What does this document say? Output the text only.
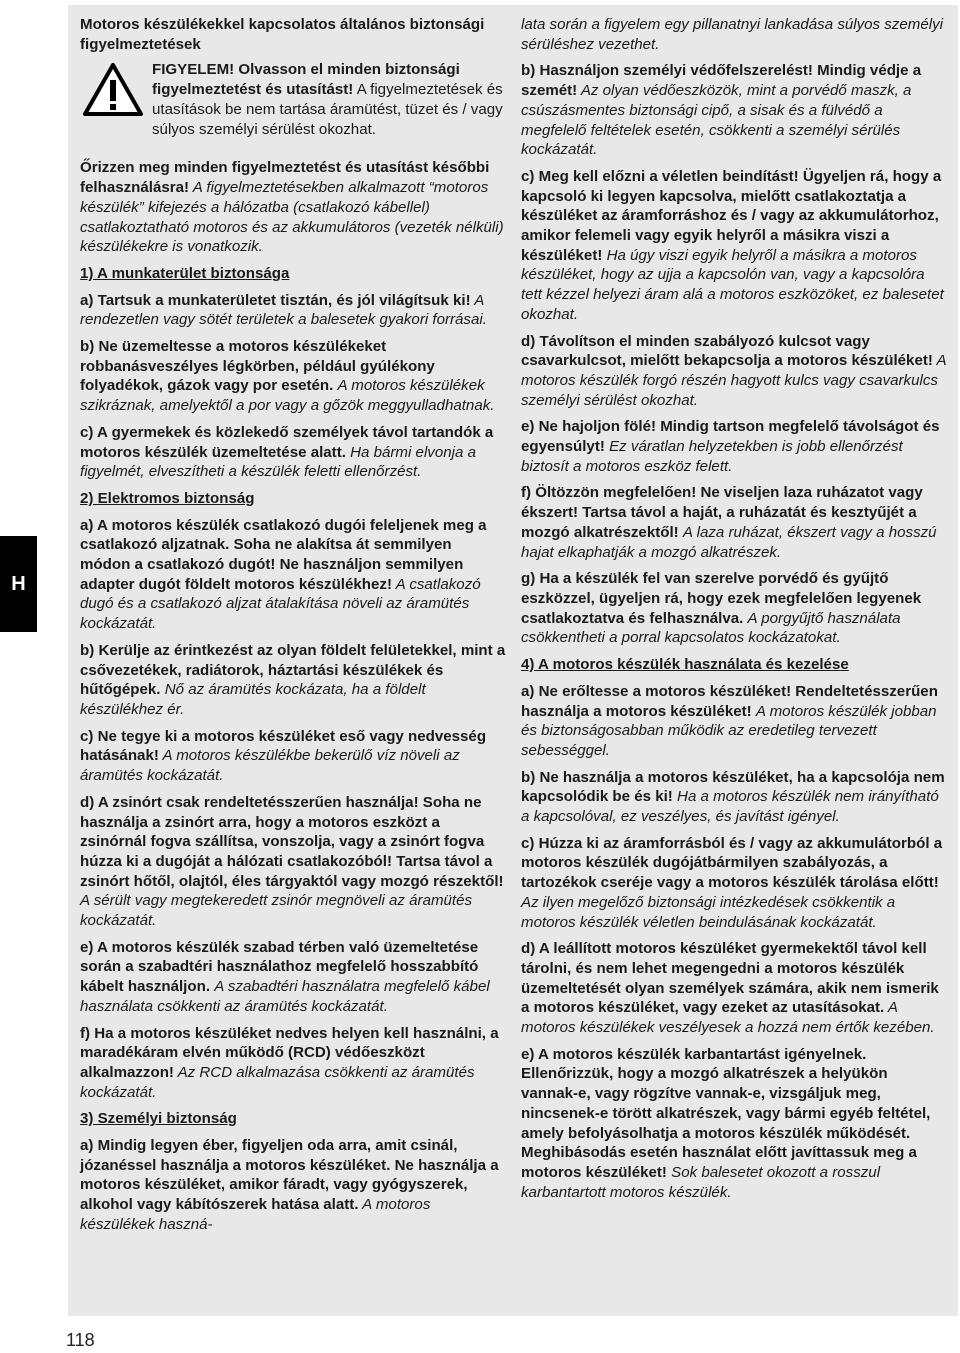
H
118

Motoros készülékekkel kapcsolatos általános biztonsági figyelmeztetések

FIGYELEM! Olvasson el minden biztonsági figyelmeztetést és utasítást! A figyelmeztetések és utasítások be nem tartása áramütést, tüzet és / vagy súlyos személyi sérülést okozhat.

Őrizzen meg minden figyelmeztetést és utasítást későbbi felhasználásra! A figyelmeztetésekben alkalmazott “motoros készülék” kifejezés a hálózatba (csatlakozó kábellel) csatlakoztatható motoros és az akkumulátoros (vezeték nélküli) készülékekre is vonatkozik.

1) A munkaterület biztonsága

a) Tartsuk a munkaterületet tisztán, és jól világítsuk ki! A rendezetlen vagy sötét területek a balesetek gyakori forrásai.

b) Ne üzemeltesse a motoros készülékeket robbanásveszélyes légkörben, például gyúlékony folyadékok, gázok vagy por esetén. A motoros készülékek szikráznak, amelyektől a por vagy a gőzök meggyulladhatnak.

c) A gyermekek és közlekedő személyek távol tartandók a motoros készülék üzemeltetése alatt. Ha bármi elvonja a figyelmét, elveszítheti a készülék feletti ellenőrzést.

2) Elektromos biztonság

a) A motoros készülék csatlakozó dugói feleljenek meg a csatlakozó aljzatnak. Soha ne alakítsa át semmilyen módon a csatlakozó dugót! Ne használjon semmilyen adapter dugót földelt motoros készülékhez! A csatlakozó dugó és a csatlakozó aljzat átalakítása növeli az áramütés kockázatát.

b) Kerülje az érintkezést az olyan földelt felületekkel, mint a csővezetékek, radiátorok, háztartási készülékek és hűtőgépek. Nő az áramütés kockázata, ha a földelt készülékhez ér.

c) Ne tegye ki a motoros készüléket eső vagy nedvesség hatásának! A motoros készülékbe bekerülő víz növeli az áramütés kockázatát.

d) A zsinórt csak rendeltetésszerűen használja! Soha ne használja a zsinórt arra, hogy a motoros eszközt a zsinórnál fogva szállítsa, vonszolja, vagy a zsinórt fogva húzza ki a dugóját a hálózati csatlakozóból! Tartsa távol a zsinórt hőtől, olajtól, éles tárgyaktól vagy mozgó részektől! A sérült vagy megtekeredett zsinór megnöveli az áramütés kockázatát.

e) A motoros készülék szabad térben való üzemeltetése során a szabadtéri használathoz megfelelő hosszabbító kábelt használjon. A szabadtéri használatra megfelelő kábel használata csökkenti az áramütés kockázatát.

f) Ha a motoros készüléket nedves helyen kell használni, a maradékáram elvén működő (RCD) védőeszközt alkalmazzon! Az RCD alkalmazása csökkenti az áramütés kockázatát.

3) Személyi biztonság

a) Mindig legyen éber, figyeljen oda arra, amit csinál, józanéssel használja a motoros készüléket. Ne használja a motoros készüléket, amikor fáradt, vagy gyógyszerek, alkohol vagy kábítószerek hatása alatt. A motoros készülékek haszná-

lata során a figyelem egy pillanatnyi lankadása súlyos személyi sérüléshez vezethet.

b) Használjon személyi védőfelszerelést! Mindig védje a szemét! Az olyan védőeszközök, mint a porvédő maszk, a csúszásmentes biztonsági cipő, a sisak és a fülvédő a megfelelő feltételek esetén, csökkenti a személyi sérülés kockázatát.

c) Meg kell előzni a véletlen beindítást! Ügyeljen rá, hogy a kapcsoló ki legyen kapcsolva, mielőtt csatlakoztatja a készüléket az áramforráshoz és / vagy az akkumulátorhoz, amikor felemeli vagy egyik helyről a másikra viszi a készüléket! Ha úgy viszi egyik helyről a másikra a motoros készüléket, hogy az ujja a kapcsolón van, vagy a kapcsolóra tett kézzel helyezi áram alá a motoros eszközöket, ez balesetet okozhat.

d) Távolítson el minden szabályozó kulcsot vagy csavarkulcsot, mielőtt bekapcsolja a motoros készüléket! A motoros készülék forgó részén hagyott kulcs vagy csavarkulcs személyi sérülést okozhat.

e) Ne hajoljon fölé! Mindig tartson megfelelő távolságot és egyensúlyt! Ez váratlan helyzetekben is jobb ellenőrzést biztosít a motoros eszköz felett.

f) Öltözzön megfelelően! Ne viseljen laza ruházatot vagy ékszert! Tartsa távol a haját, a ruházatát és kesztyűjét a mozgó alkatrészektől! A laza ruházat, ékszert vagy a hosszú hajat elkaphatják a mozgó alkatrészek.

g) Ha a készülék fel van szerelve porvédő és gyűjtő eszközzel, ügyeljen rá, hogy ezek megfelelően legyenek csatlakoztatva és felhasználva. A porgyűjtő használata csökkentheti a porral kapcsolatos kockázatokat.

4) A motoros készülék használata és kezelése

a) Ne erőltesse a motoros készüléket! Rendeltetésszerűen használja a motoros készüléket! A motoros készülék jobban és biztonságosabban működik az eredetileg tervezett sebességgel.

b) Ne használja a motoros készüléket, ha a kapcsolója nem kapcsolódik be és ki! Ha a motoros készülék nem irányítható a kapcsolóval, ez veszélyes, és javítást igényel.

c) Húzza ki az áramforrásból és / vagy az akkumulátorból a motoros készülék dugójátbármilyen szabályozás, a tartozékok cseréje vagy a motoros készülék tárolása előtt! Az ilyen megelőző biztonsági intézkedések csökkentik a motoros készülék véletlen beindulásának kockázatát.

d) A leállított motoros készüléket gyermekektől távol kell tárolni, és nem lehet megengedni a motoros készülék üzemeltetését olyan személyek számára, akik nem ismerik a motoros készüléket, vagy ezeket az utasításokat. A motoros készülékek veszélyesek a hozzá nem értők kezében.

e) A motoros készülék karbantartást igényelnek. Ellenőrizzük, hogy a mozgó alkatrészek a helyükön vannak-e, vagy rögzítve vannak-e, vizsgáljuk meg, nincsenek-e törött alkatrészek, vagy bármi egyéb feltétel, amely befolyásolhatja a motoros készülék működését. Meghibásodás esetén használat előtt javíttassuk meg a motoros készüléket! Sok balesetet okozott a rosszul karbantartott motoros készülék.
